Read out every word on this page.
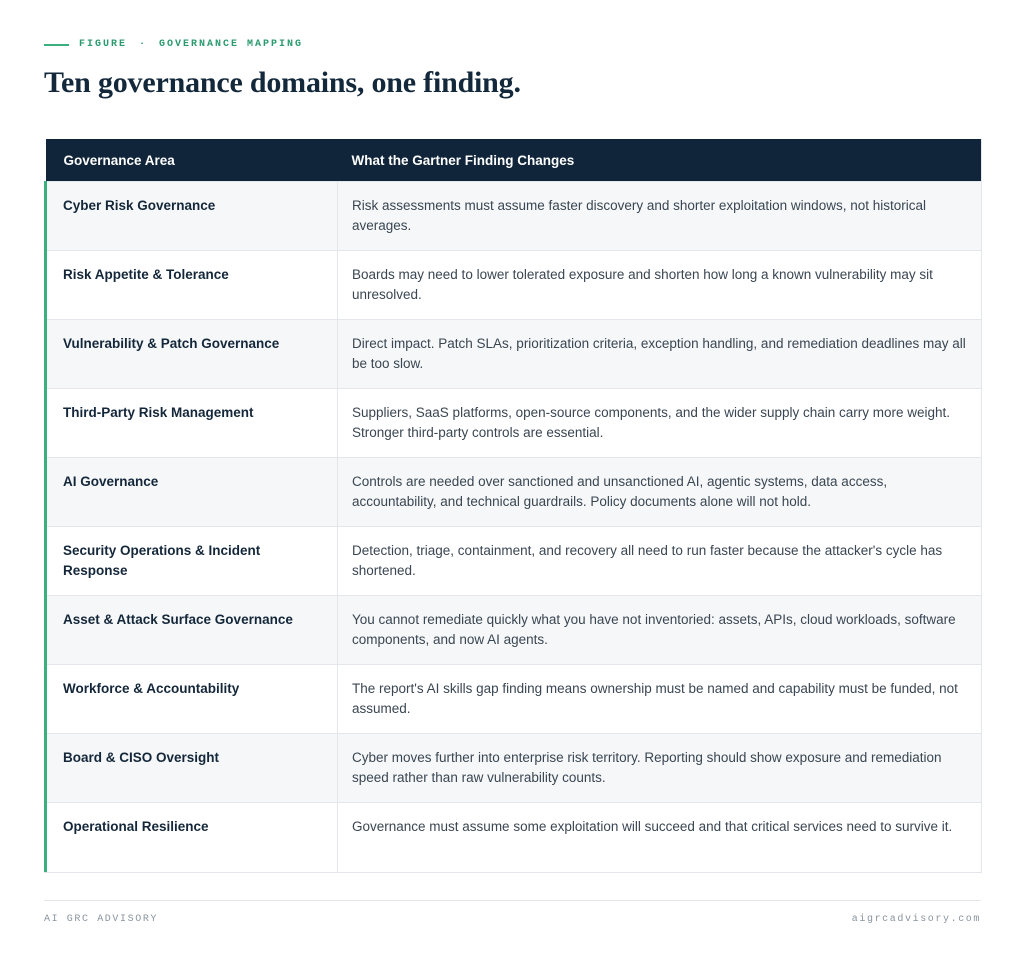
FIGURE · GOVERNANCE MAPPING
Ten governance domains, one finding.
Governance Area	What the Gartner Finding Changes
Cyber Risk Governance	Risk assessments must assume faster discovery and shorter exploitation windows, not historical averages.
Risk Appetite & Tolerance	Boards may need to lower tolerated exposure and shorten how long a known vulnerability may sit unresolved.
Vulnerability & Patch Governance	Direct impact. Patch SLAs, prioritization criteria, exception handling, and remediation deadlines may all be too slow.
Third-Party Risk Management	Suppliers, SaaS platforms, open-source components, and the wider supply chain carry more weight. Stronger third-party controls are essential.
AI Governance	Controls are needed over sanctioned and unsanctioned AI, agentic systems, data access, accountability, and technical guardrails. Policy documents alone will not hold.
Security Operations & Incident Response	Detection, triage, containment, and recovery all need to run faster because the attacker's cycle has shortened.
Asset & Attack Surface Governance	You cannot remediate quickly what you have not inventoried: assets, APIs, cloud workloads, software components, and now AI agents.
Workforce & Accountability	The report's AI skills gap finding means ownership must be named and capability must be funded, not assumed.
Board & CISO Oversight	Cyber moves further into enterprise risk territory. Reporting should show exposure and remediation speed rather than raw vulnerability counts.
Operational Resilience	Governance must assume some exploitation will succeed and that critical services need to survive it.
AI GRC ADVISORY	aigrcadvisory.com
